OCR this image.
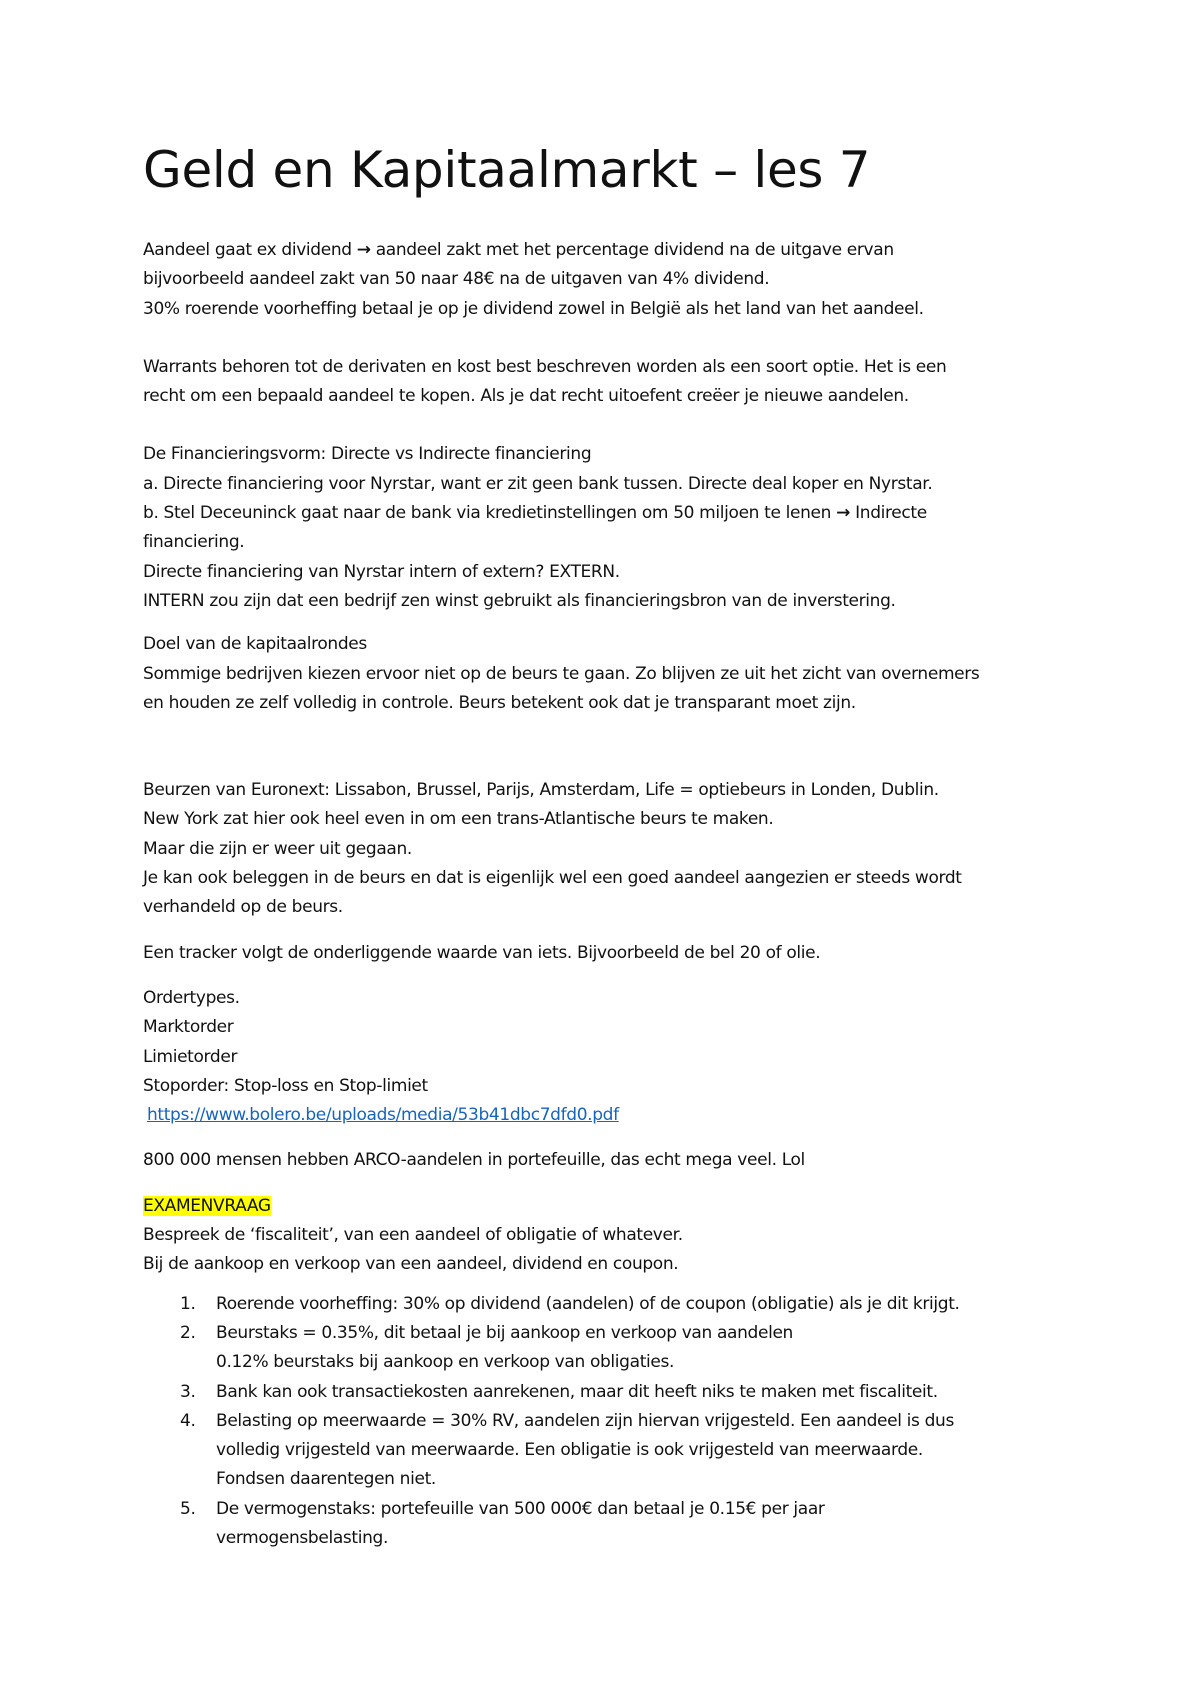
Geld en Kapitaalmarkt – les 7
Aandeel gaat ex dividend → aandeel zakt met het percentage dividend na de uitgave ervan
bijvoorbeeld aandeel zakt van 50 naar 48€ na de uitgaven van 4% dividend.
30% roerende voorheffing betaal je op je dividend zowel in België als het land van het aandeel.
Warrants behoren tot de derivaten en kost best beschreven worden als een soort optie. Het is een
recht om een bepaald aandeel te kopen. Als je dat recht uitoefent creëer je nieuwe aandelen.
De Financieringsvorm: Directe vs Indirecte financiering
a. Directe financiering voor Nyrstar, want er zit geen bank tussen. Directe deal koper en Nyrstar.
b. Stel Deceuninck gaat naar de bank via kredietinstellingen om 50 miljoen te lenen → Indirecte
financiering.
Directe financiering van Nyrstar intern of extern? EXTERN.
INTERN zou zijn dat een bedrijf zen winst gebruikt als financieringsbron van de inverstering.
Doel van de kapitaalrondes
Sommige bedrijven kiezen ervoor niet op de beurs te gaan. Zo blijven ze uit het zicht van overnemers
en houden ze zelf volledig in controle. Beurs betekent ook dat je transparant moet zijn.
Beurzen van Euronext: Lissabon, Brussel, Parijs, Amsterdam, Life = optiebeurs in Londen, Dublin.
New York zat hier ook heel even in om een trans-Atlantische beurs te maken.
Maar die zijn er weer uit gegaan.
Je kan ook beleggen in de beurs en dat is eigenlijk wel een goed aandeel aangezien er steeds wordt
verhandeld op de beurs.
Een tracker volgt de onderliggende waarde van iets. Bijvoorbeeld de bel 20 of olie.
Ordertypes.
Marktorder
Limietorder
Stoporder: Stop-loss en Stop-limiet
https://www.bolero.be/uploads/media/53b41dbc7dfd0.pdf
800 000 mensen hebben ARCO-aandelen in portefeuille, das echt mega veel. Lol
EXAMENVRAAG
Bespreek de ‘fiscaliteit’, van een aandeel of obligatie of whatever.
Bij de aankoop en verkoop van een aandeel, dividend en coupon.
1. Roerende voorheffing: 30% op dividend (aandelen) of de coupon (obligatie) als je dit krijgt.
2. Beurstaks = 0.35%, dit betaal je bij aankoop en verkoop van aandelen
0.12% beurstaks bij aankoop en verkoop van obligaties.
3. Bank kan ook transactiekosten aanrekenen, maar dit heeft niks te maken met fiscaliteit.
4. Belasting op meerwaarde = 30% RV, aandelen zijn hiervan vrijgesteld. Een aandeel is dus
volledig vrijgesteld van meerwaarde. Een obligatie is ook vrijgesteld van meerwaarde.
Fondsen daarentegen niet.
5. De vermogenstaks: portefeuille van 500 000€ dan betaal je 0.15€ per jaar
vermogensbelasting.
